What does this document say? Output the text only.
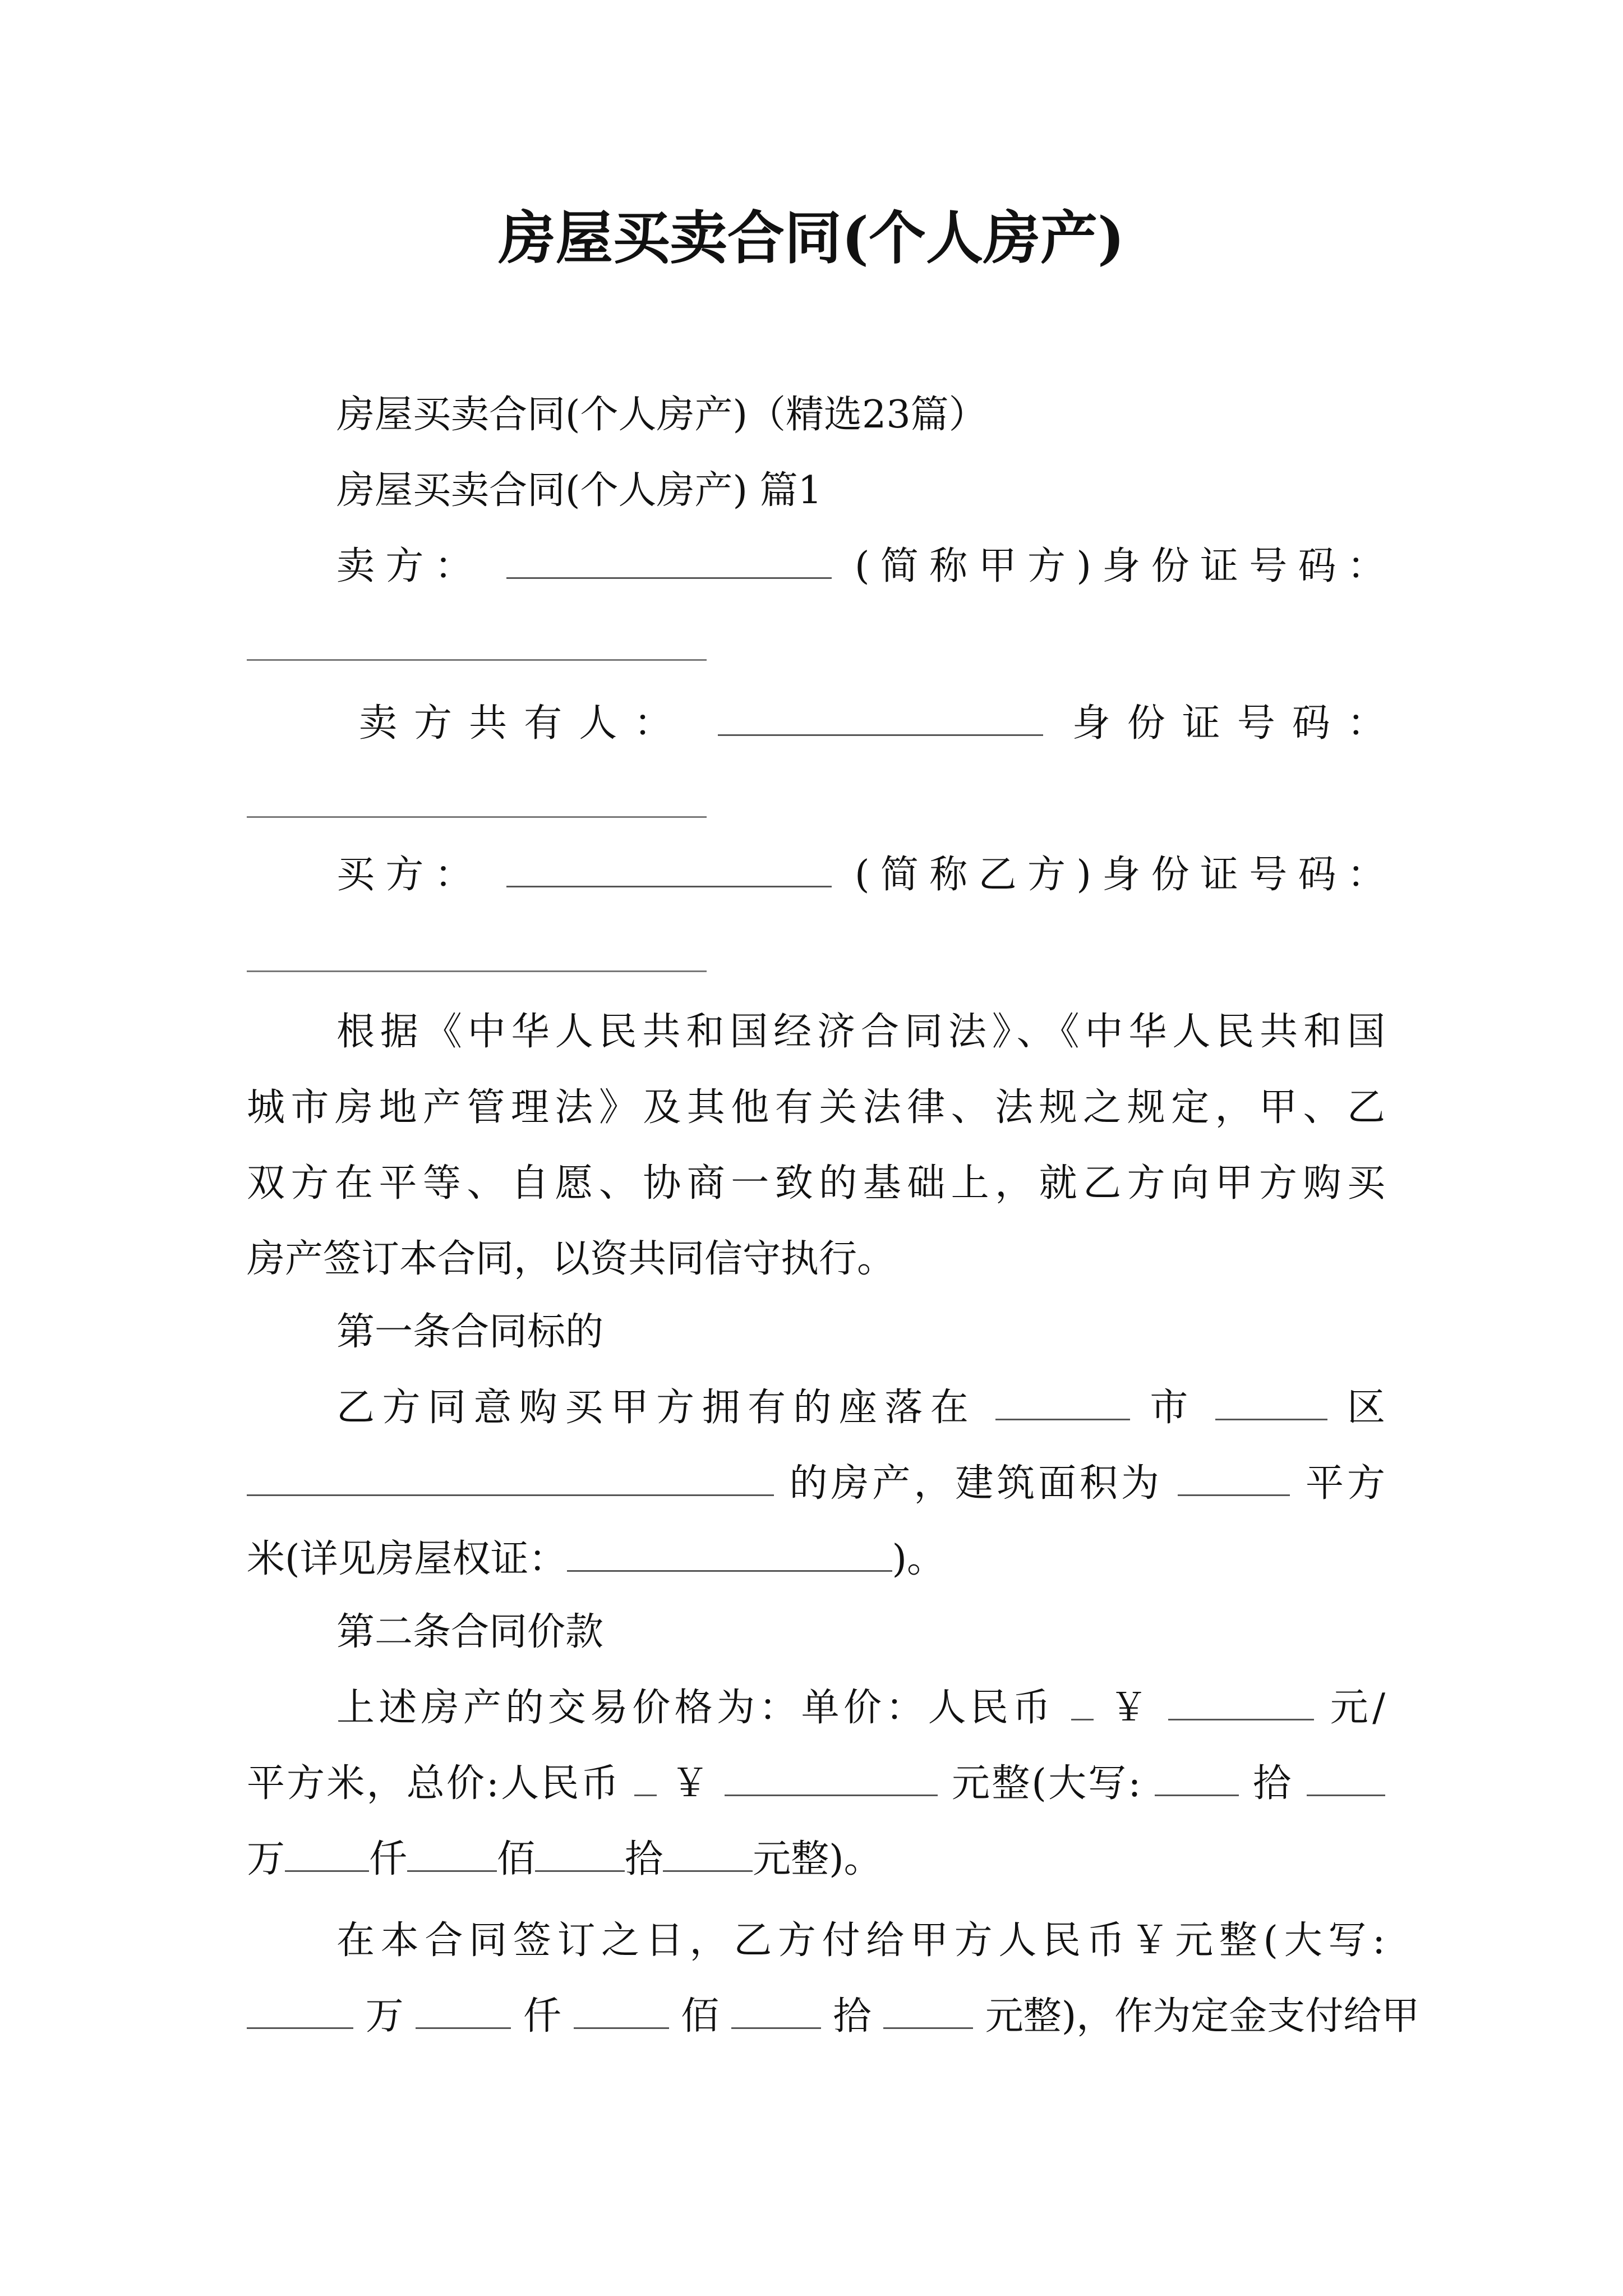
房屋买卖合同(个人房产)
房屋买卖合同(个人房产)（精选23篇）
房屋买卖合同(个人房产) 篇1
卖方：	(简称甲方)身份证号码：
卖方共有人：	身份证号码：
买方：	(简称乙方)身份证号码：
根据《中华人民共和国经济合同法》、《中华人民共和国
城市房地产管理法》及其他有关法律、法规之规定，甲、乙
双方在平等、自愿、协商一致的基础上，就乙方向甲方购买
房产签订本合同，以资共同信守执行。
第一条合同标的
乙方同意购买甲方拥有的座落在	市	区
的房产，建筑面积为	平方
米(详见房屋权证：	)。
第二条合同价款
上述房产的交易价格为：单价：人民币 ￥	元/
平方米，总价:人民币 ￥	元整(大写:	拾
万 仟 佰 拾 元整)。
在本合同签订之日，乙方付给甲方人民币￥元整(大写:
万	仟	佰	拾	元整)，作为定金支付给甲
